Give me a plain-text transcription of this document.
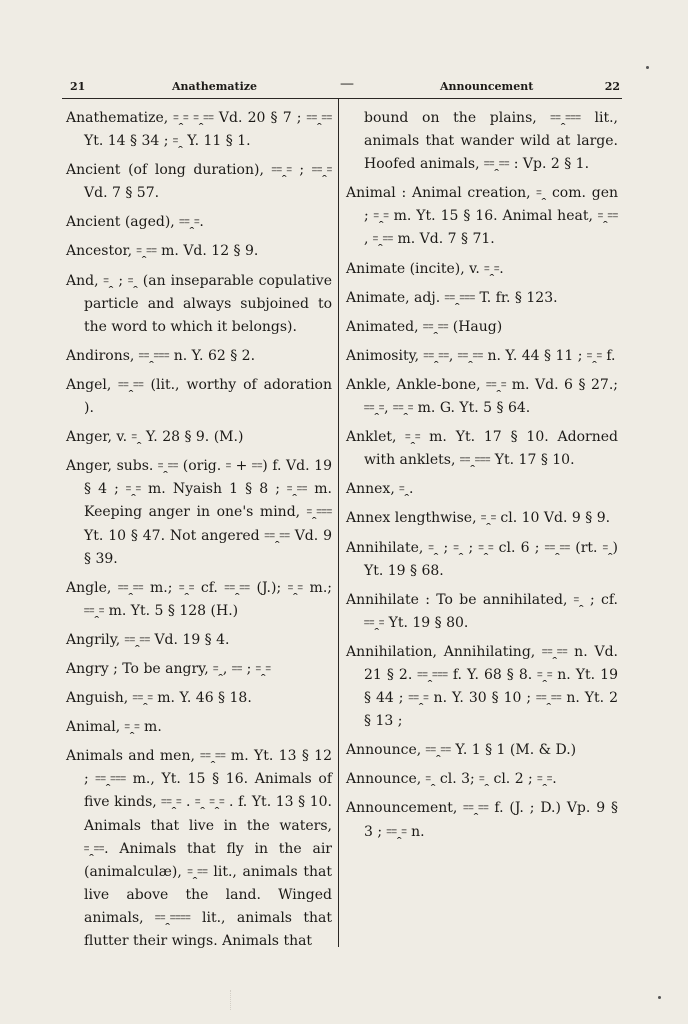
21	Anathematize	—	Announcement	22
Anathematize, ꞊ꞈ꞊ ꞊ꞈ꞊꞊ Vd. 20 § 7 ; ꞊꞊ꞈ꞊꞊ Yt. 14 § 34 ; ꞊ꞈ Y. 11 § 1.
Ancient (of long duration), ꞊꞊ꞈ꞊ ; ꞊꞊ꞈ꞊ Vd. 7 § 57.
Ancient (aged), ꞊꞊ꞈ꞊.
Ancestor, ꞊ꞈ꞊꞊ m. Vd. 12 § 9.
And, ꞊ꞈ ; ꞊ꞈ (an inseparable copulative particle and always subjoined to the word to which it belongs).
Andirons, ꞊꞊ꞈ꞊꞊꞊ n. Y. 62 § 2.
Angel, ꞊꞊ꞈ꞊꞊ (lit., worthy of adoration ).
Anger, v. ꞊ꞈ Y. 28 § 9. (M.)
Anger, subs. ꞊ꞈ꞊꞊ (orig. ꞊ + ꞊꞊) f. Vd. 19 § 4 ; ꞊ꞈ꞊ m. Nyaish 1 § 8 ; ꞊ꞈ꞊꞊ m. Keeping anger in one's mind, ꞊ꞈ꞊꞊꞊ Yt. 10 § 47. Not angered ꞊꞊ꞈ꞊꞊ Vd. 9 § 39.
Angle, ꞊꞊ꞈ꞊꞊ m.; ꞊ꞈ꞊ cf. ꞊꞊ꞈ꞊꞊ (J.); ꞊ꞈ꞊ m.; ꞊꞊ꞈ꞊ m. Yt. 5 § 128 (H.)
Angrily, ꞊꞊ꞈ꞊꞊ Vd. 19 § 4.
Angry ; To be angry, ꞊ꞈ, ꞊꞊ ; ꞊ꞈ꞊
Anguish, ꞊꞊ꞈ꞊ m. Y. 46 § 18.
Animal, ꞊ꞈ꞊ m.
Animals and men, ꞊꞊ꞈ꞊꞊ m. Yt. 13 § 12 ; ꞊꞊ꞈ꞊꞊꞊ m., Yt. 15 § 16. Animals of five kinds, ꞊꞊ꞈ꞊ . ꞊ꞈ ꞊ꞈ꞊ . f. Yt. 13 § 10. Animals that live in the waters, ꞊ꞈ꞊꞊. Animals that fly in the air (animalculæ), ꞊ꞈ꞊꞊ lit., animals that live above the land. Winged animals, ꞊꞊ꞈ꞊꞊꞊꞊ lit., animals that flutter their wings. Animals that
bound on the plains, ꞊꞊ꞈ꞊꞊꞊ lit., animals that wander wild at large. Hoofed animals, ꞊꞊ꞈ꞊꞊ : Vp. 2 § 1.
Animal : Animal creation, ꞊ꞈ com. gen ; ꞊ꞈ꞊ m. Yt. 15 § 16. Animal heat, ꞊ꞈ꞊꞊ , ꞊ꞈ꞊꞊ m. Vd. 7 § 71.
Animate (incite), v. ꞊ꞈ꞊.
Animate, adj. ꞊꞊ꞈ꞊꞊꞊ T. fr. § 123.
Animated, ꞊꞊ꞈ꞊꞊ (Haug)
Animosity, ꞊꞊ꞈ꞊꞊, ꞊꞊ꞈ꞊꞊ n. Y. 44 § 11 ; ꞊ꞈ꞊ f.
Ankle, Ankle-bone, ꞊꞊ꞈ꞊ m. Vd. 6 § 27.; ꞊꞊ꞈ꞊, ꞊꞊ꞈ꞊ m. G. Yt. 5 § 64.
Anklet, ꞊ꞈ꞊ m. Yt. 17 § 10. Adorned with anklets, ꞊꞊ꞈ꞊꞊꞊ Yt. 17 § 10.
Annex, ꞊ꞈ.
Annex lengthwise, ꞊ꞈ꞊ cl. 10 Vd. 9 § 9.
Annihilate, ꞊ꞈ ; ꞊ꞈ ; ꞊ꞈ꞊ cl. 6 ; ꞊꞊ꞈ꞊꞊ (rt. ꞊ꞈ) Yt. 19 § 68.
Annihilate : To be annihilated, ꞊ꞈ ; cf. ꞊꞊ꞈ꞊ Yt. 19 § 80.
Annihilation, Annihilating, ꞊꞊ꞈ꞊꞊ n. Vd. 21 § 2. ꞊꞊ꞈ꞊꞊꞊ f. Y. 68 § 8. ꞊ꞈ꞊ n. Yt. 19 § 44 ; ꞊꞊ꞈ꞊ n. Y. 30 § 10 ; ꞊꞊ꞈ꞊꞊ n. Yt. 2 § 13 ;
Announce, ꞊꞊ꞈ꞊꞊ Y. 1 § 1 (M. & D.)
Announce, ꞊ꞈ cl. 3; ꞊ꞈ cl. 2 ; ꞊ꞈ꞊.
Announcement, ꞊꞊ꞈ꞊꞊ f. (J. ; D.) Vp. 9 § 3 ; ꞊꞊ꞈ꞊ n.
